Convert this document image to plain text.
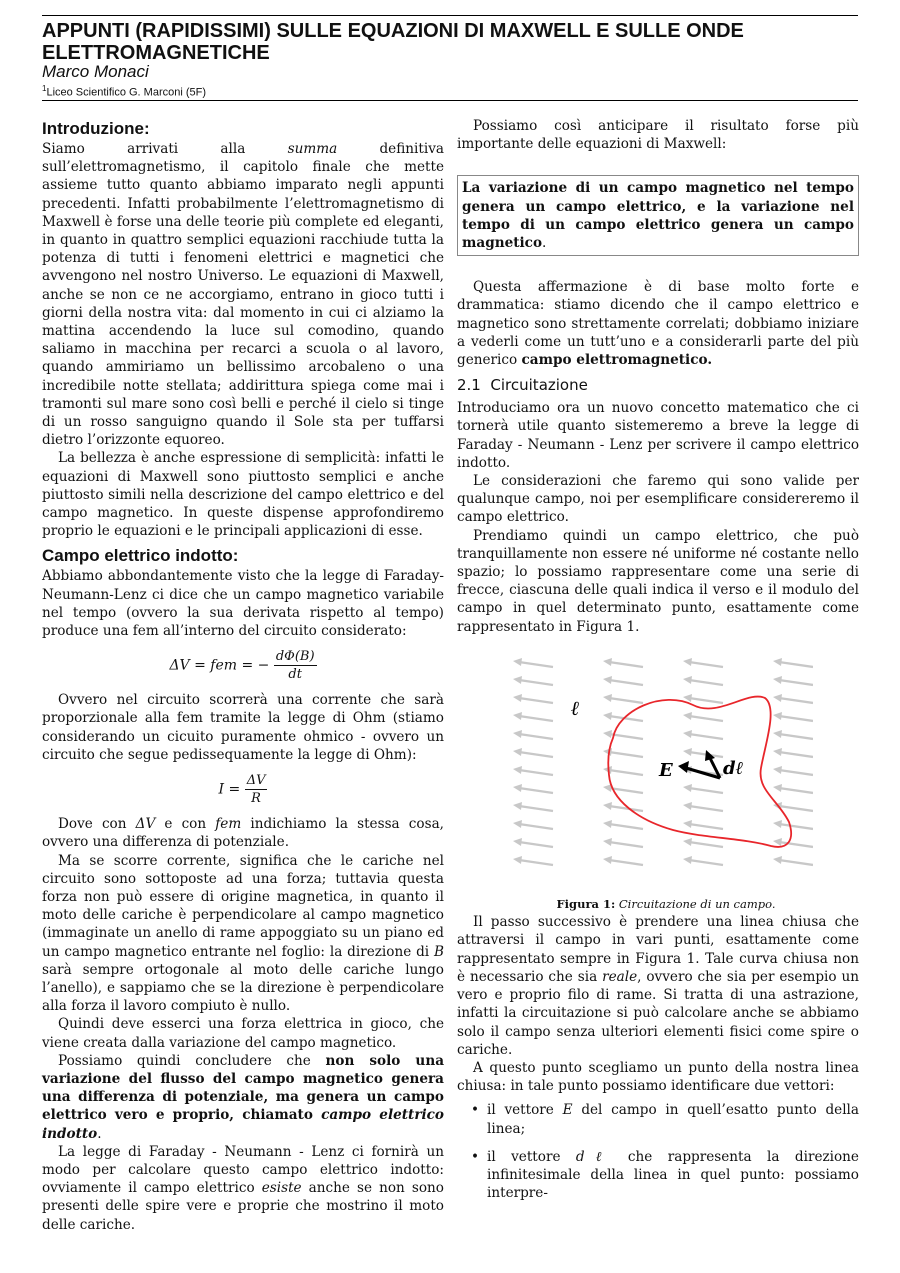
APPUNTI (RAPIDISSIMI) SULLE EQUAZIONI DI MAXWELL E SULLE ONDE ELETTROMAGNETICHE
Marco Monaci
$^1$Liceo Scientifico G. Marconi (5F)
Introduzione:

Siamo arrivati alla summa definitiva sull’elettromagnetismo, il capitolo finale che mette assieme tutto quanto abbiamo imparato negli appunti precedenti. Infatti probabilmente l’elettromagnetismo di Maxwell è forse una delle teorie più complete ed eleganti, in quanto in quattro semplici equazioni racchiude tutta la potenza di tutti i fenomeni elettrici e magnetici che avvengono nel nostro Universo. Le equazioni di Maxwell, anche se non ce ne accorgiamo, entrano in gioco tutti i giorni della nostra vita: dal momento in cui ci alziamo la mattina accendendo la luce sul comodino, quando saliamo in macchina per recarci a scuola o al lavoro, quando ammiriamo un bellissimo arcobaleno o una incredibile notte stellata; addirittura spiega come mai i tramonti sul mare sono così belli e perché il cielo si tinge di un rosso sanguigno quando il Sole sta per tuffarsi dietro l’orizzonte equoreo.

La bellezza è anche espressione di semplicità: infatti le equazioni di Maxwell sono piuttosto semplici e anche piuttosto simili nella descrizione del campo elettrico e del campo magnetico. In queste dispense approfondiremo proprio le equazioni e le principali applicazioni di esse.

Campo elettrico indotto:

Abbiamo abbondantemente visto che la legge di Faraday-Neumann-Lenz ci dice che un campo magnetico variabile nel tempo (ovvero la sua derivata rispetto al tempo) produce una fem all’interno del circuito considerato:

ΔV = fem = − $\frac{d\Phi(B)}{dt}$

Ovvero nel circuito scorrerà una corrente che sarà proporzionale alla fem tramite la legge di Ohm (stiamo considerando un cicuito puramente ohmico - ovvero un circuito che segue pedissequamente la legge di Ohm):

$I = \frac{\Delta V}{R}$

Dove con ΔV e con fem indichiamo la stessa cosa, ovvero una differenza di potenziale.

Ma se scorre corrente, significa che le cariche nel circuito sono sottoposte ad una forza; tuttavia questa forza non può essere di origine magnetica, in quanto il moto delle cariche è perpendicolare al campo magnetico (immaginate un anello di rame appoggiato su un piano ed un campo magnetico entrante nel foglio: la direzione di B sarà sempre ortogonale al moto delle cariche lungo l’anello), e sappiamo che se la direzione è perpendicolare alla forza il lavoro compiuto è nullo.

Quindi deve esserci una forza elettrica in gioco, che viene creata dalla variazione del campo magnetico.

Possiamo quindi concludere che non solo una variazione del flusso del campo magnetico genera una differenza di potenziale, ma genera un campo elettrico vero e proprio, chiamato campo elettrico indotto.

La legge di Faraday - Neumann - Lenz ci fornirà un modo per calcolare questo campo elettrico indotto: ovviamente il campo elettrico esiste anche se non sono presenti delle spire vere e proprie che mostrino il moto delle cariche.

Possiamo così anticipare il risultato forse più importante delle equazioni di Maxwell:

La variazione di un campo magnetico nel tempo genera un campo elettrico, e la variazione nel tempo di un campo elettrico genera un campo magnetico.

Questa affermazione è di base molto forte e drammatica: stiamo dicendo che il campo elettrico e magnetico sono strettamente correlati; dobbiamo iniziare a vederli come un tutt’uno e a considerarli parte del più generico campo elettromagnetico.

2.1 Circuitazione

Introduciamo ora un nuovo concetto matematico che ci tornerà utile quanto sistemeremo a breve la legge di Faraday - Neumann - Lenz per scrivere il campo elettrico indotto.

Le considerazioni che faremo qui sono valide per qualunque campo, noi per esemplificare considereremo il campo elettrico.

Prendiamo quindi un campo elettrico, che può tranquillamente non essere né uniforme né costante nello spazio; lo possiamo rappresentare come una serie di frecce, ciascuna delle quali indica il verso e il modulo del campo in quel determinato punto, esattamente come rappresentato in Figura 1.

ℓ
E	dℓ

Figura 1: Circuitazione di un campo.

Il passo successivo è prendere una linea chiusa che attraversi il campo in vari punti, esattamente come rappresentato sempre in Figura 1. Tale curva chiusa non è necessario che sia reale, ovvero che sia per esempio un vero e proprio filo di rame. Si tratta di una astrazione, infatti la circuitazione si può calcolare anche se abbiamo solo il campo senza ulteriori elementi fisici come spire o cariche.

A questo punto scegliamo un punto della nostra linea chiusa: in tale punto possiamo identificare due vettori:

• il vettore E del campo in quell’esatto punto della linea;
• il vettore dℓ che rappresenta la direzione infinitesimale della linea in quel punto: possiamo interpre-
